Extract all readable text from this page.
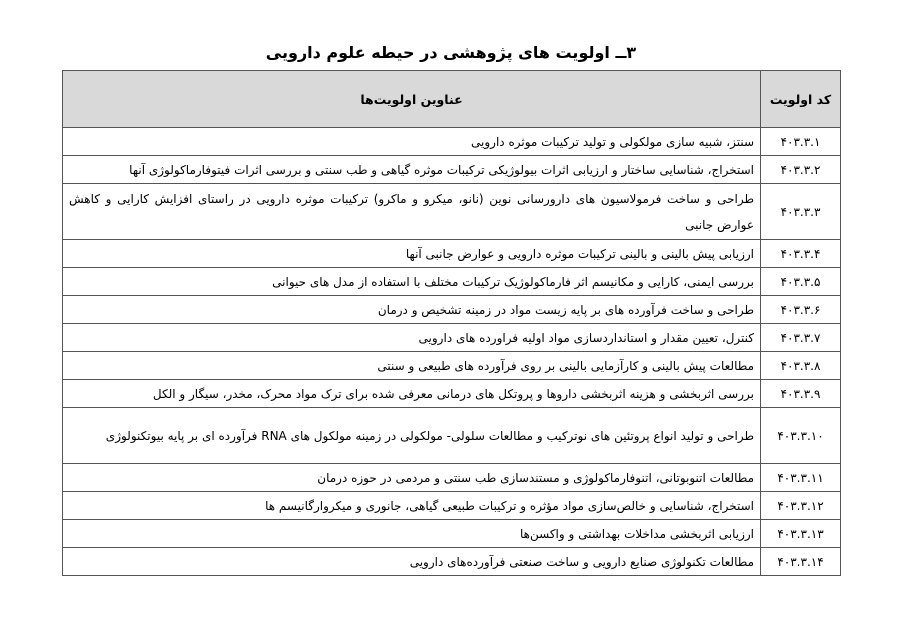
۳ــ اولویت های پژوهشی در حیطه علوم دارویی
کد اولویت	عناوین اولویت‌ها
۴۰۳.۳.۱	سنتز، شبیه سازی مولکولی و تولید ترکیبات موثره دارویی
۴۰۳.۳.۲	استخراج، شناسایی ساختار و ارزیابی اثرات بیولوژیکی ترکیبات موثره گیاهی و طب سنتی و بررسی اثرات فیتوفارماکولوژی آنها
۴۰۳.۳.۳	طراحی و ساخت فرمولاسیون های دارورسانی نوین (نانو، میکرو و ماکرو) ترکیبات موثره دارویی در راستای افزایش کارایی و کاهش عوارض جانبی
۴۰۳.۳.۴	ارزیابی پیش بالینی و بالینی ترکیبات موثره دارویی و عوارض جانبی آنها
۴۰۳.۳.۵	بررسی ایمنی، کارایی و مکانیسم اثر فارماکولوژیک ترکیبات مختلف با استفاده از مدل های حیوانی
۴۰۳.۳.۶	طراحی و ساخت فرآورده های بر پایه زیست مواد در زمینه تشخیص و درمان
۴۰۳.۳.۷	کنترل، تعیین مقدار و استانداردسازی مواد اولیه فراورده های دارویی
۴۰۳.۳.۸	مطالعات پیش بالینی و کارآزمایی بالینی بر روی فرآورده های طبیعی و سنتی
۴۰۳.۳.۹	بررسی اثربخشی و هزینه اثربخشی داروها و پروتکل های درمانی معرفی شده برای ترک مواد محرک، مخدر، سیگار و الکل
۴۰۳.۳.۱۰	طراحی و تولید انواع پروتئین های نوترکیب و مطالعات سلولی- مولکولی در زمینه مولکول های RNA فرآورده ای بر پایه بیوتکنولوژی
۴۰۳.۳.۱۱	مطالعات اتنوبوتانی، اتنوفارماکولوژی و مستندسازی طب سنتی و مردمی در حوزه درمان
۴۰۳.۳.۱۲	استخراج، شناسایی و خالص‌سازی مواد مؤثره و ترکیبات طبیعی گیاهی، جانوری و میکروارگانیسم ها
۴۰۳.۳.۱۳	ارزیابی اثربخشی مداخلات بهداشتی و واکسن‌ها
۴۰۳.۳.۱۴	مطالعات تکنولوژی صنایع دارویی و ساخت صنعتی فرآورده‌های دارویی
